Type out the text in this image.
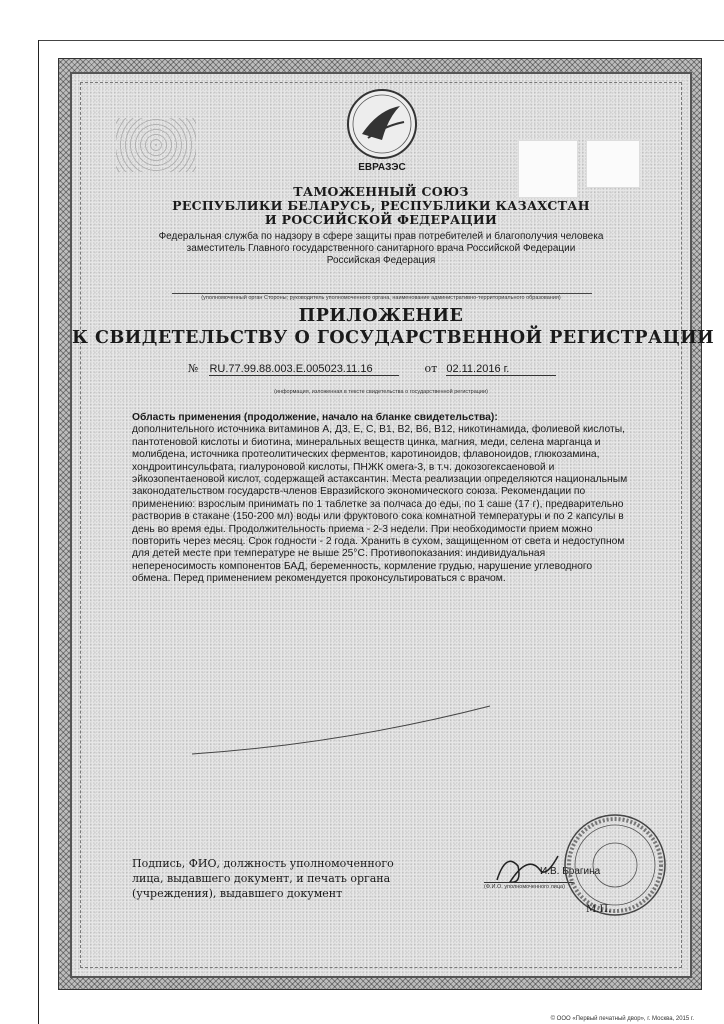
ЕВРАЗЭС

ТАМОЖЕННЫЙ СОЮЗ

РЕСПУБЛИКИ БЕЛАРУСЬ, РЕСПУБЛИКИ КАЗАХСТАН

И РОССИЙСКОЙ ФЕДЕРАЦИИ

Федеральная служба по надзору в сфере защиты прав потребителей и благополучия человека

заместитель Главного государственного санитарного врача Российской Федерации

Российская Федерация

(уполномоченный орган Стороны; руководитель уполномоченного органа, наименование административно-территориального образования)

ПРИЛОЖЕНИЕ

К СВИДЕТЕЛЬСТВУ О ГОСУДАРСТВЕННОЙ РЕГИСТРАЦИИ

№ RU.77.99.88.003.E.005023.11.16	от 02.11.2016 г.

(информация, изложенная в тексте свидетельства о государственной регистрации)

Область применения (продолжение, начало на бланке свидетельства):

дополнительного источника витаминов А, Д3, Е, С, В1, В2, В6, В12, никотинамида, фолиевой кислоты, пантотеновой кислоты и биотина, минеральных веществ цинка, магния, меди, селена марганца и молибдена, источника протеолитических ферментов, каротиноидов, флавоноидов, глюкозамина, хондроитинсульфата, гиалуроновой кислоты, ПНЖК омега-3, в т.ч. докозогексаеновой и эйкозопентаеновой кислот, содержащей астаксантин. Места реализации определяются национальным законодательством государств-членов Евразийского экономического союза. Рекомендации по применению: взрослым принимать по 1 таблетке за полчаса до еды, по 1 саше (17 г), предварительно растворив в стакане (150-200 мл) воды или фруктового сока комнатной температуры и по 2 капсулы в день во время еды. Продолжительность приема - 2-3 недели. При необходимости прием можно повторить через месяц. Срок годности - 2 года. Хранить в сухом, защищенном от света и недоступном для детей месте при температуре не выше 25°С. Противопоказания: индивидуальная непереносимость компонентов БАД, беременность, кормление грудью, нарушение углеводного обмена. Перед применением рекомендуется проконсультироваться с врачом.

Подпись, ФИО, должность уполномоченного лица, выдавшего документ, и печать органа (учреждения), выдавшего документ	(Ф.И.О. уполномоченного лица)

И.В. Брагина

М.П.

© ООО «Первый печатный двор», г. Москва, 2015 г.
